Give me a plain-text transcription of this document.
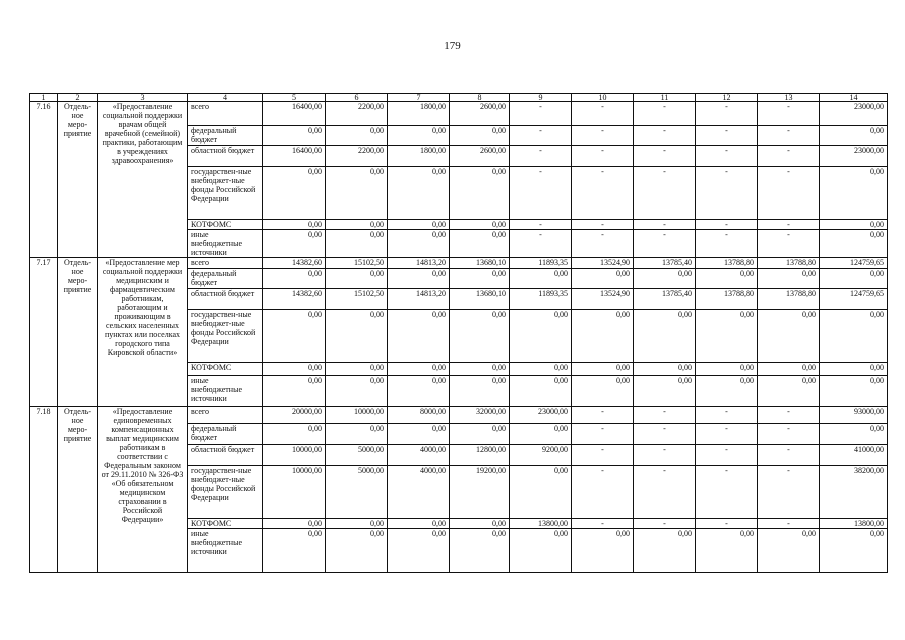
179
1	2	3	4	5	6	7	8	9	10	11	12	13	14
7.16	Отдель-ное меро-приятие	«Предоставление социальной поддержки врачам общей врачебной (семейной) практики, работающим в учреждениях здравоохранения»	всего	16400,00	2200,00	1800,00	2600,00	-	-	-	-	-	23000,00
			федеральный бюджет	0,00	0,00	0,00	0,00	-	-	-	-	-	0,00
			областной бюджет	16400,00	2200,00	1800,00	2600,00	-	-	-	-	-	23000,00
			государствен-ные внебюджет-ные фонды Российской Федерации	0,00	0,00	0,00	0,00	-	-	-	-	-	0,00
			КОТФОМС	0,00	0,00	0,00	0,00	-	-	-	-	-	0,00
			иные внебюджетные источники	0,00	0,00	0,00	0,00	-	-	-	-	-	0,00
7.17	Отдель-ное меро-приятие	«Предоставление мер социальной поддержки медицинским и фармацевтическим работникам, работающим и проживающим в сельских населенных пунктах или поселках городского типа Кировской области»	всего	14382,60	15102,50	14813,20	13680,10	11893,35	13524,90	13785,40	13788,80	13788,80	124759,65
			федеральный бюджет	0,00	0,00	0,00	0,00	0,00	0,00	0,00	0,00	0,00	0,00
			областной бюджет	14382,60	15102,50	14813,20	13680,10	11893,35	13524,90	13785,40	13788,80	13788,80	124759,65
			государствен-ные внебюджет-ные фонды Российской Федерации	0,00	0,00	0,00	0,00	0,00	0,00	0,00	0,00	0,00	0,00
			КОТФОМС	0,00	0,00	0,00	0,00	0,00	0,00	0,00	0,00	0,00	0,00
			иные внебюджетные источники	0,00	0,00	0,00	0,00	0,00	0,00	0,00	0,00	0,00	0,00
7.18	Отдель-ное меро-приятие	«Предоставление единовременных компенсационных выплат медицинским работникам в соответствии с Федеральным законом от 29.11.2010 № 326-ФЗ «Об обязательном медицинском страховании в Российской Федерации»	всего	20000,00	10000,00	8000,00	32000,00	23000,00	-	-	-	-	93000,00
			федеральный бюджет	0,00	0,00	0,00	0,00	0,00	-	-	-	-	0,00
			областной бюджет	10000,00	5000,00	4000,00	12800,00	9200,00	-	-	-	-	41000,00
			государствен-ные внебюджет-ные фонды Российской Федерации	10000,00	5000,00	4000,00	19200,00	0,00	-	-	-	-	38200,00
			КОТФОМС	0,00	0,00	0,00	0,00	13800,00	-	-	-	-	13800,00
			иные внебюджетные источники	0,00	0,00	0,00	0,00	0,00	0,00	0,00	0,00	0,00	0,00
